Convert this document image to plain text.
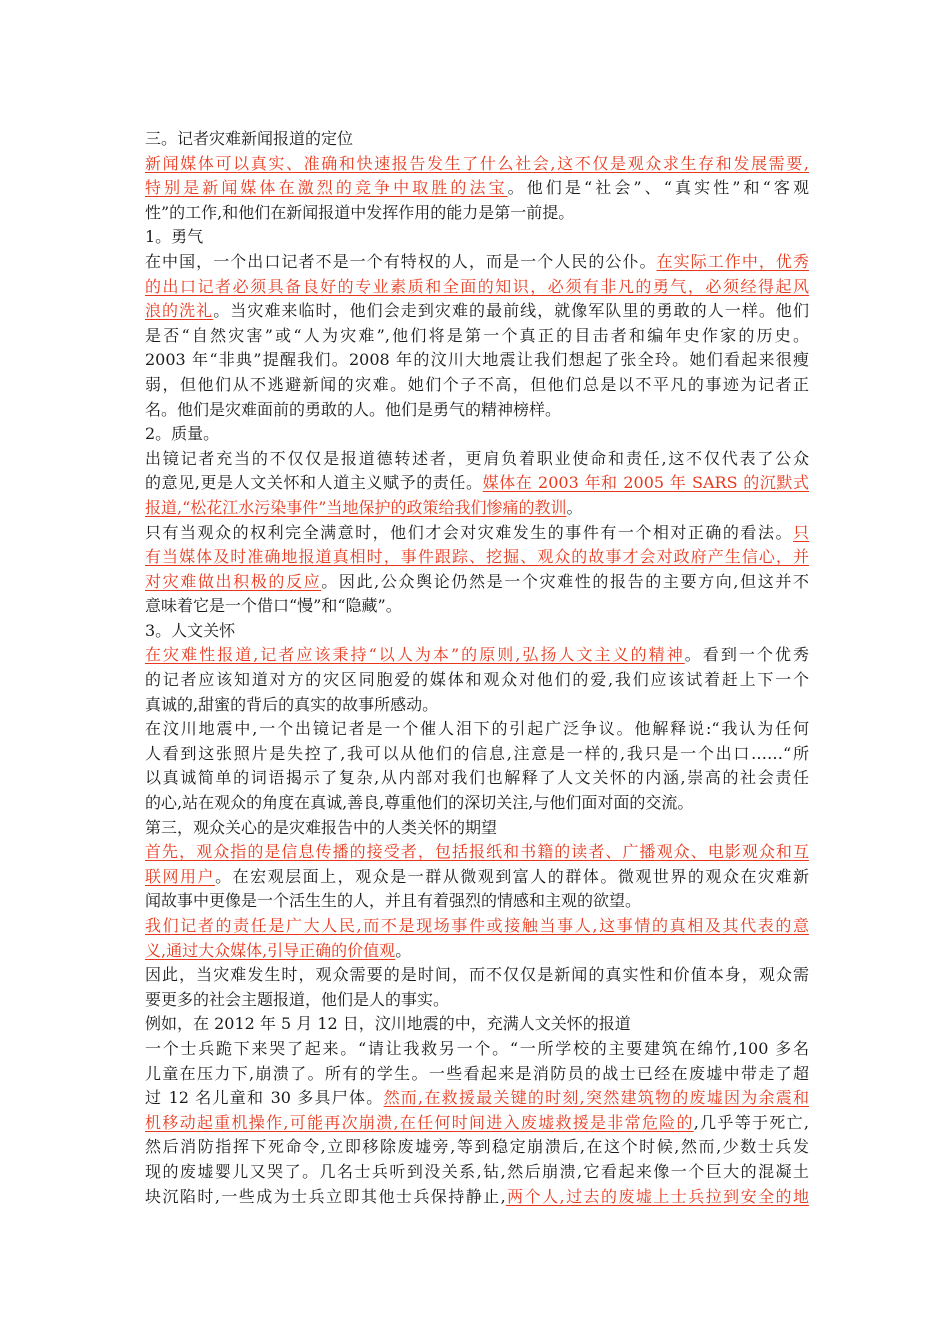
三。记者灾难新闻报道的定位
新闻媒体可以真实、准确和快速报告发生了什么社会,这不仅是观众求生存和发展需要,
特别是新闻媒体在激烈的竞争中取胜的法宝。他们是“社会”、“真实性”和“客观
性”的工作,和他们在新闻报道中发挥作用的能力是第一前提。
1。勇气
在中国，一个出口记者不是一个有特权的人，而是一个人民的公仆。在实际工作中，优秀
的出口记者必须具备良好的专业素质和全面的知识，必须有非凡的勇气，必须经得起风
浪的洗礼。当灾难来临时，他们会走到灾难的最前线，就像军队里的勇敢的人一样。他们
是否“自然灾害”或“人为灾难”,他们将是第一个真正的目击者和编年史作家的历史。
2003 年“非典”提醒我们。2008 年的汶川大地震让我们想起了张全玲。她们看起来很瘦
弱，但他们从不逃避新闻的灾难。她们个子不高，但他们总是以不平凡的事迹为记者正
名。他们是灾难面前的勇敢的人。他们是勇气的精神榜样。
2。质量。
出镜记者充当的不仅仅是报道德转述者，更肩负着职业使命和责任,这不仅代表了公众
的意见,更是人文关怀和人道主义赋予的责任。媒体在 2003 年和 2005 年 SARS 的沉默式
报道,“松花江水污染事件”当地保护的政策给我们惨痛的教训。
只有当观众的权利完全满意时，他们才会对灾难发生的事件有一个相对正确的看法。只
有当媒体及时准确地报道真相时，事件跟踪、挖掘、观众的故事才会对政府产生信心，并
对灾难做出积极的反应。因此,公众舆论仍然是一个灾难性的报告的主要方向,但这并不
意味着它是一个借口“慢”和“隐藏”。
3。人文关怀
在灾难性报道,记者应该秉持“以人为本”的原则,弘扬人文主义的精神。看到一个优秀
的记者应该知道对方的灾区同胞爱的媒体和观众对他们的爱,我们应该试着赶上下一个
真诚的,甜蜜的背后的真实的故事所感动。
在汶川地震中,一个出镜记者是一个催人泪下的引起广泛争议。他解释说:“我认为任何
人看到这张照片是失控了,我可以从他们的信息,注意是一样的,我只是一个出口……“所
以真诚简单的词语揭示了复杂,从内部对我们也解释了人文关怀的内涵,崇高的社会责任
的心,站在观众的角度在真诚,善良,尊重他们的深切关注,与他们面对面的交流。
第三，观众关心的是灾难报告中的人类关怀的期望
首先，观众指的是信息传播的接受者，包括报纸和书籍的读者、广播观众、电影观众和互
联网用户。在宏观层面上，观众是一群从微观到富人的群体。微观世界的观众在灾难新
闻故事中更像是一个活生生的人，并且有着强烈的情感和主观的欲望。
我们记者的责任是广大人民,而不是现场事件或接触当事人,这事情的真相及其代表的意
义,通过大众媒体,引导正确的价值观。
因此，当灾难发生时，观众需要的是时间，而不仅仅是新闻的真实性和价值本身，观众需
要更多的社会主题报道，他们是人的事实。
例如，在 2012 年 5 月 12 日，汶川地震的中，充满人文关怀的报道
一个士兵跪下来哭了起来。“请让我救另一个。“一所学校的主要建筑在绵竹,100 多名
儿童在压力下,崩溃了。所有的学生。一些看起来是消防员的战士已经在废墟中带走了超
过 12 名儿童和 30 多具尸体。然而,在救援最关键的时刻,突然建筑物的废墟因为余震和
机移动起重机操作,可能再次崩溃,在任何时间进入废墟救援是非常危险的,几乎等于死亡,
然后消防指挥下死命令,立即移除废墟旁,等到稳定崩溃后,在这个时候,然而,少数士兵发
现的废墟婴儿又哭了。几名士兵听到没关系,钻,然后崩溃,它看起来像一个巨大的混凝土
块沉陷时,一些成为士兵立即其他士兵保持静止,两个人,过去的废墟上士兵拉到安全的地
